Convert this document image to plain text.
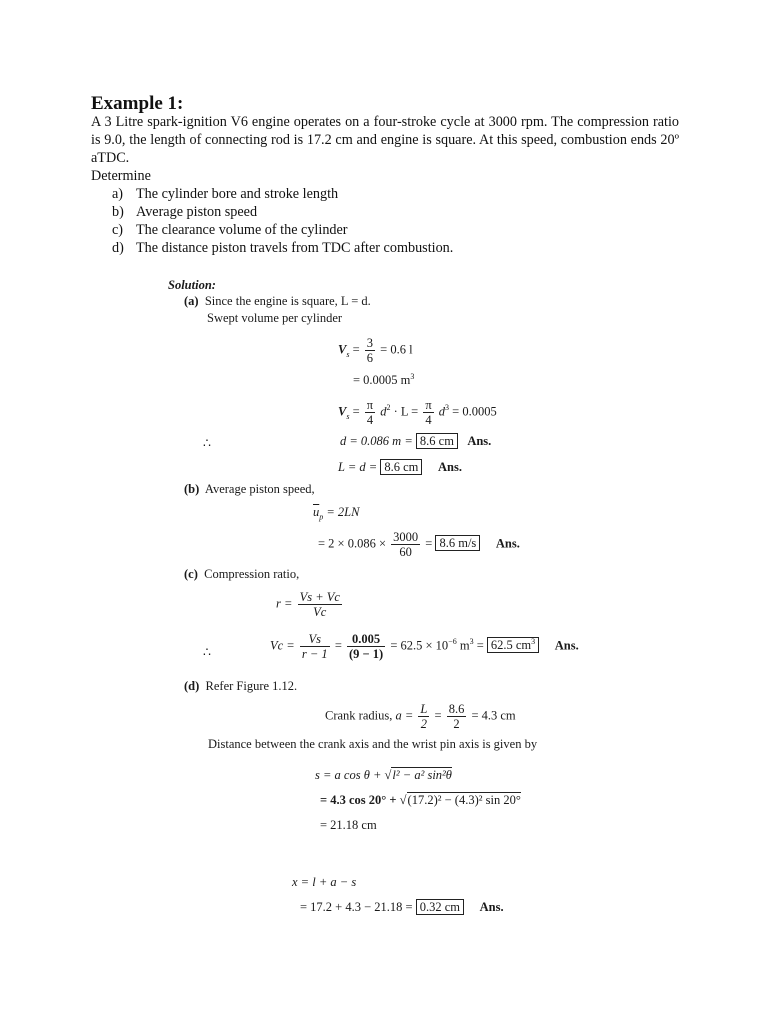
Example 1:
A 3 Litre spark-ignition V6 engine operates on a four-stroke cycle at 3000 rpm. The compression ratio is 9.0, the length of connecting rod is 17.2 cm and engine is square. At this speed, combustion ends 20º aTDC.
Determine
a) The cylinder bore and stroke length
b) Average piston speed
c) The clearance volume of the cylinder
d) The distance piston travels from TDC after combustion.
Solution:
(a) Since the engine is square, L = d.
Swept volume per cylinder
$V_s = \frac{3}{6} = 0.6$ l
= 0.0005 $m^3$
$V_s = \frac{\pi}{4} d^2 \cdot L = \frac{\pi}{4} d^3 = 0.0005$
∴	d = 0.086 m = 8.6 cm Ans.
L = d = 8.6 cm Ans.
(b) Average piston speed,
$\overline{u}_p = 2LN$
= $2 \times 0.086 \times \frac{3000}{60} = 8.6$ m/s Ans.
(c) Compression ratio,
$r = \frac{Vs + Vc}{Vc}$
∴	$Vc = \frac{Vs}{r - 1} = \frac{0.005}{(9 - 1)} = 62.5 \times 10^{-6}$ $m^3 = 62.5$ $cm^3$ Ans.
(d) Refer Figure 1.12.
Crank radius, $a = \frac{L}{2} = \frac{8.6}{2} = 4.3$ cm
Distance between the crank axis and the wrist pin axis is given by
s = a cos θ + √l² − a² sin²θ
= 4.3 cos 20° + √(17.2)² − (4.3)² sin 20°
= 21.18 cm
x = l + a − s
= 17.2 + 4.3 − 21.18 = 0.32 cm Ans.
